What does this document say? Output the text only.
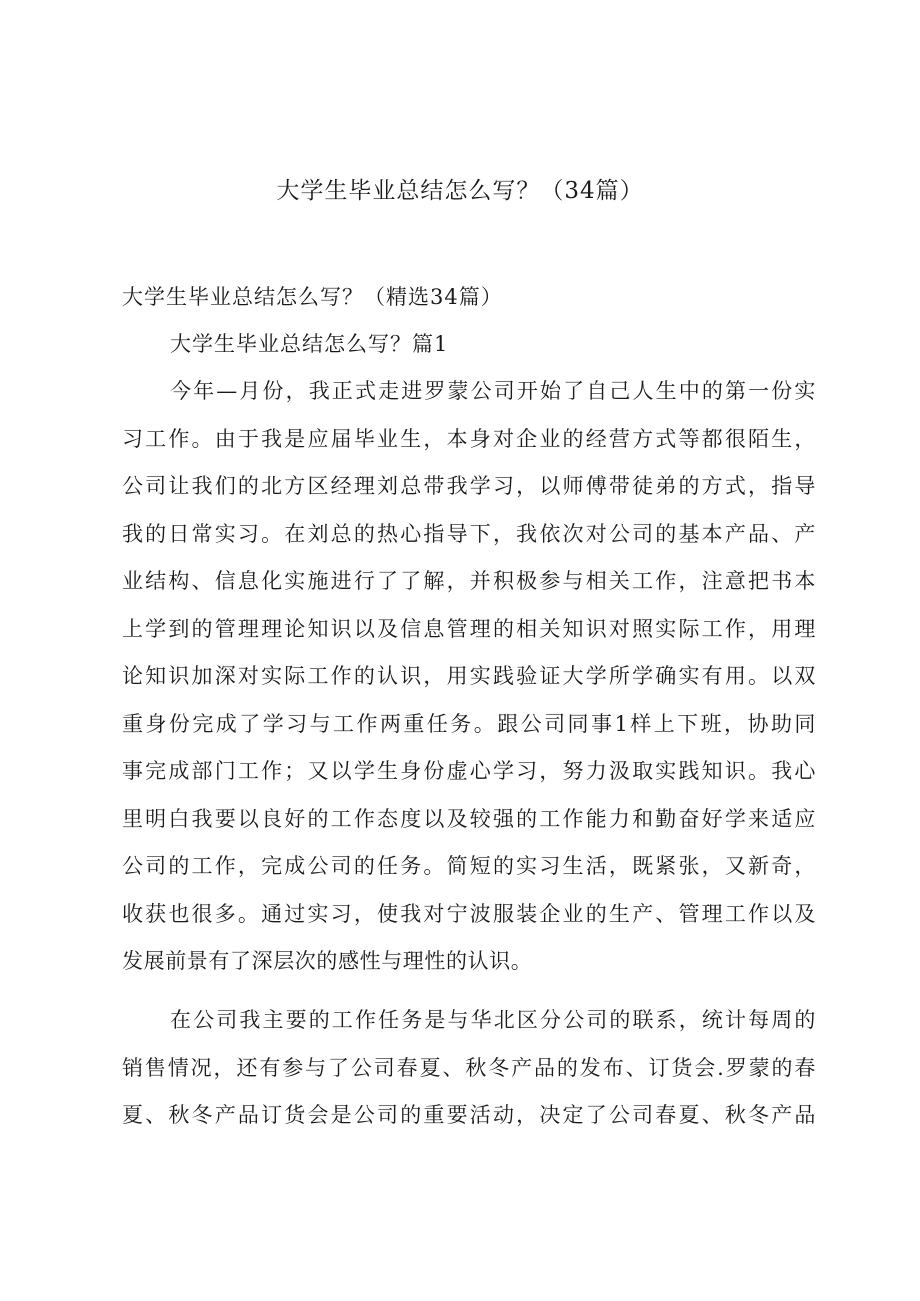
大学生毕业总结怎么写？（34篇）
大学生毕业总结怎么写？（精选34篇）
大学生毕业总结怎么写？篇1
今年—月份，我正式走进罗蒙公司开始了自己人生中的第一份实
习工作。由于我是应届毕业生，本身对企业的经营方式等都很陌生，
公司让我们的北方区经理刘总带我学习，以师傅带徒弟的方式，指导
我的日常实习。在刘总的热心指导下，我依次对公司的基本产品、产
业结构、信息化实施进行了了解，并积极参与相关工作，注意把书本
上学到的管理理论知识以及信息管理的相关知识对照实际工作，用理
论知识加深对实际工作的认识，用实践验证大学所学确实有用。以双
重身份完成了学习与工作两重任务。跟公司同事1样上下班，协助同
事完成部门工作；又以学生身份虚心学习，努力汲取实践知识。我心
里明白我要以良好的工作态度以及较强的工作能力和勤奋好学来适应
公司的工作，完成公司的任务。简短的实习生活，既紧张，又新奇，
收获也很多。通过实习，使我对宁波服装企业的生产、管理工作以及
发展前景有了深层次的感性与理性的认识。
在公司我主要的工作任务是与华北区分公司的联系，统计每周的
销售情况，还有参与了公司春夏、秋冬产品的发布、订货会.罗蒙的春
夏、秋冬产品订货会是公司的重要活动，决定了公司春夏、秋冬产品
